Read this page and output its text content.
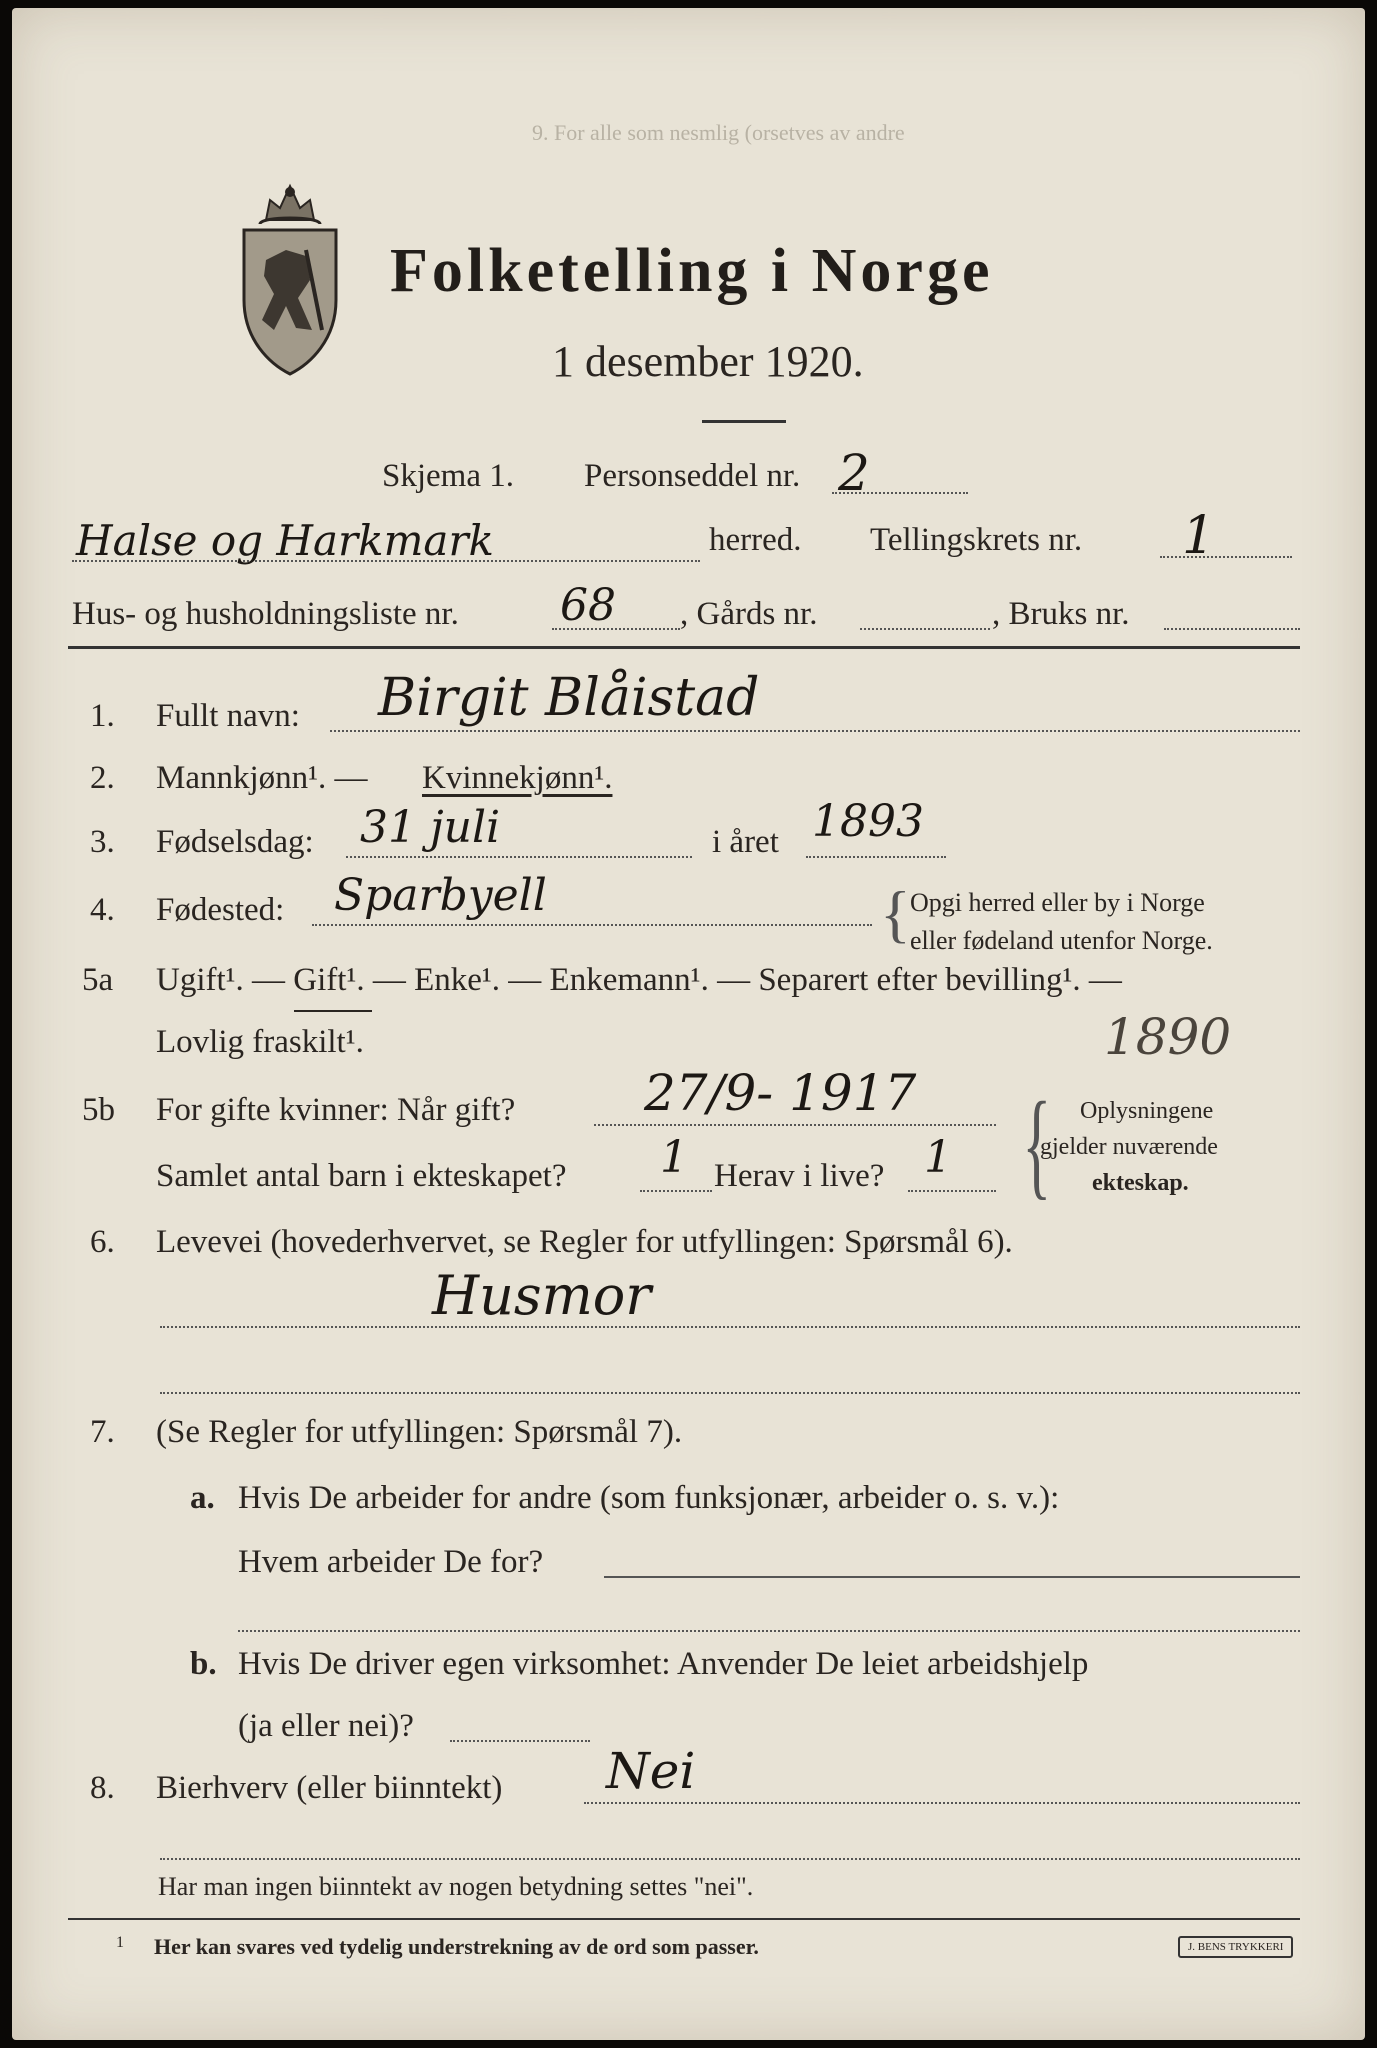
Folketelling i Norge
1 desember 1920.
9. For alle som nesmlig (orsetves av andre
Skjema 1. Personseddel nr. 2
Halse og Harkmark	herred. Tellingskrets nr. 1
Hus- og husholdningsliste nr. 68 , Gårds nr.	, Bruks nr.
1. Fullt navn: Birgit Blåistad
2. Mannkjønn¹. — Kvinnekjønn¹.
3. Fødselsdag: 31 juli	i året 1893
4. Fødested: Sparbyell	{ Opgi herred eller by i Norge
eller fødeland utenfor Norge.
5a Ugift¹. — Gift¹. — Enke¹. — Enkemann¹. — Separert efter bevilling¹. —
Lovlig fraskilt¹.	1890
5b For gifte kvinner: Når gift?	27/9- 1917
Samlet antal barn i ekteskapet? 1 Herav i live? 1 { Oplysningene
gjelder nuværende
ekteskap.
6. Levevei (hovederhvervet, se Regler for utfyllingen: Spørsmål 6).
Husmor
7. (Se Regler for utfyllingen: Spørsmål 7).
a. Hvis De arbeider for andre (som funksjonær, arbeider o. s. v.):
Hvem arbeider De for?
b. Hvis De driver egen virksomhet: Anvender De leiet arbeidshjelp
(ja eller nei)?
8. Bierhverv (eller biinntekt) Nei
Har man ingen biinntekt av nogen betydning settes "nei".
1 Her kan svares ved tydelig understrekning av de ord som passer.	J. BENS TRYKKERI
